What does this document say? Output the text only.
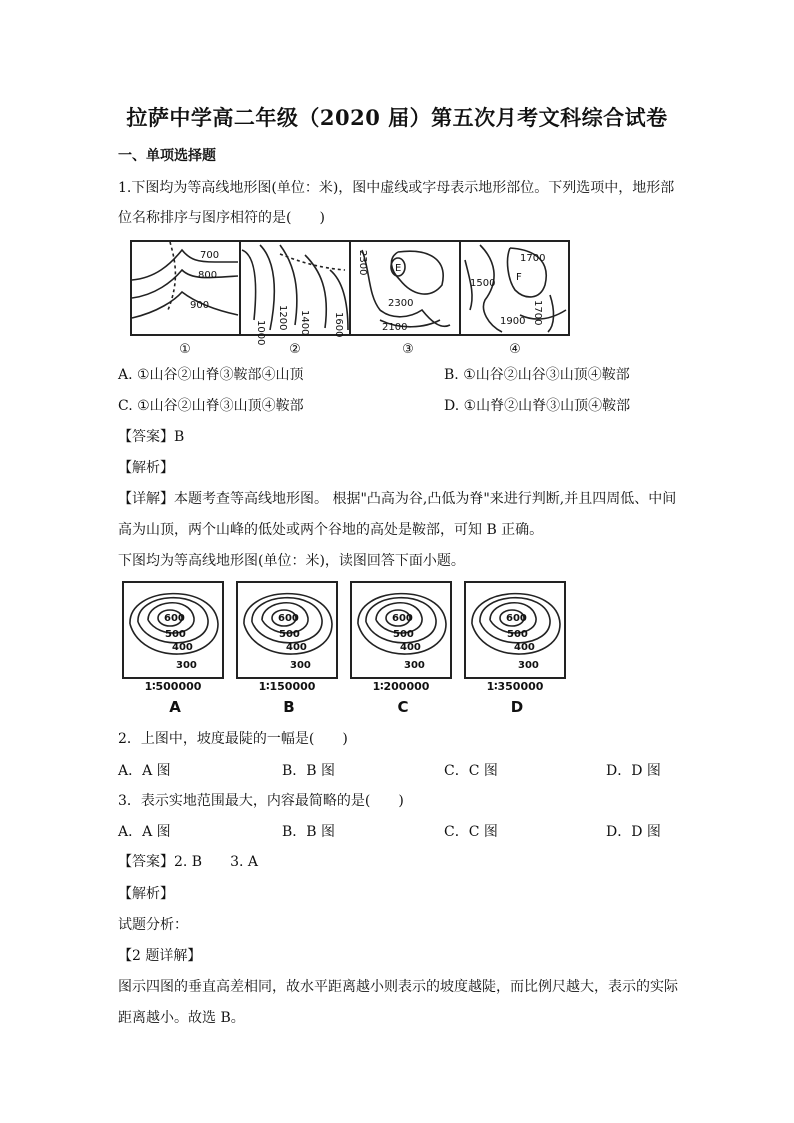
拉萨中学高二年级（2020 届）第五次月考文科综合试卷
一、单项选择题
1.下图均为等高线地形图(单位：米)，图中虚线或字母表示地形部位。下列选项中，地形部
位名称排序与图序相符的是(　　)
700
800
900
1000
1200 1400 1600
2300	E
2300
2100
1700
F
1500
1700
1900
①	②	③	④
A. ①山谷②山脊③鞍部④山顶	B. ①山谷②山谷③山顶④鞍部
C. ①山谷②山脊③山顶④鞍部	D. ①山脊②山脊③山顶④鞍部
【答案】B
【解析】
【详解】本题考查等高线地形图。 根据"凸高为谷,凸低为脊"来进行判断,并且四周低、中间
高为山顶，两个山峰的低处或两个谷地的高处是鞍部，可知 B 正确。
下图均为等高线地形图(单位：米)，读图回答下面小题。
600
500
400
300
600
500
400
300
600
500
400
300
600
500
400
300
1∶500000	1∶150000	1∶200000	1∶350000
A	B	C	D
2．上图中，坡度最陡的一幅是(　　)
A．A 图	B．B 图	C．C 图	D．D 图
3．表示实地范围最大，内容最简略的是(　　)
A．A 图	B．B 图	C．C 图	D．D 图
【答案】2. B　　3. A
【解析】
试题分析：
【2 题详解】
图示四图的垂直高差相同，故水平距离越小则表示的坡度越陡，而比例尺越大，表示的实际
距离越小。故选 B。
